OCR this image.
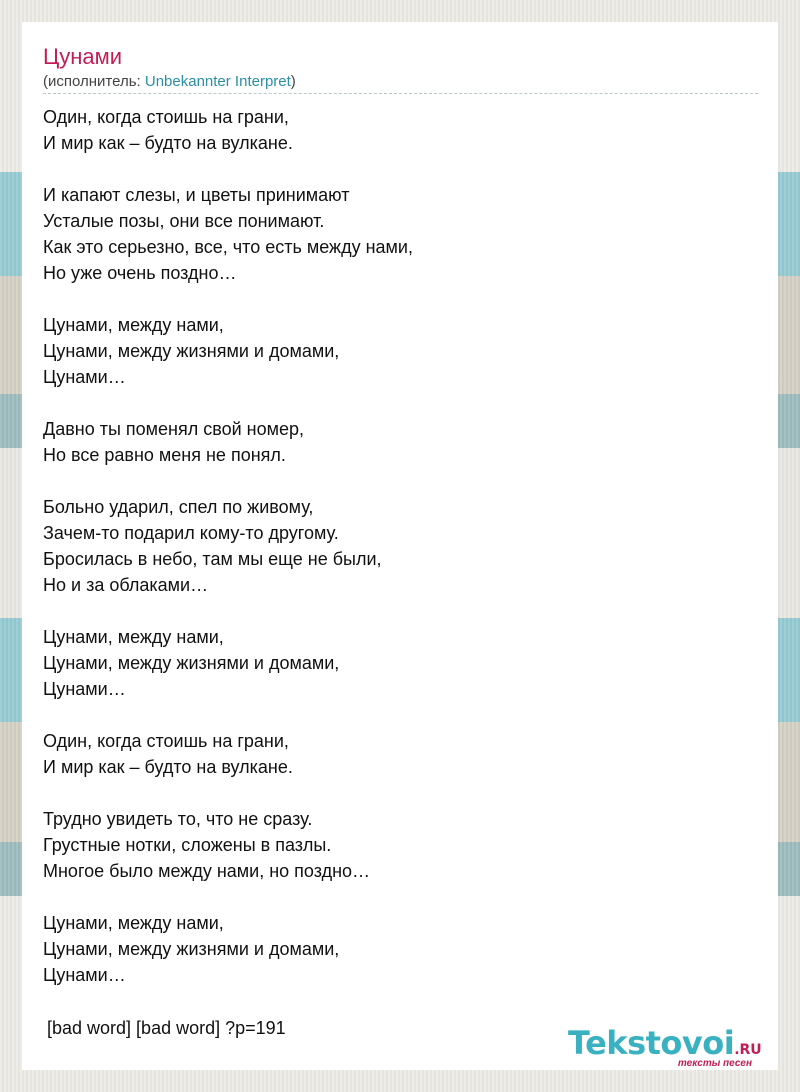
Цунами
(исполнитель: Unbekannter Interpret)
Один, когда стоишь на грани,
И мир как – будто на вулкане.
И капают слезы, и цветы принимают
Усталые позы, они все понимают.
Как это серьезно, все, что есть между нами,
Но уже очень поздно…
Цунами, между нами,
Цунами, между жизнями и домами,
Цунами…
Давно ты поменял свой номер,
Но все равно меня не понял.
Больно ударил, спел по живому,
Зачем-то подарил кому-то другому.
Бросилась в небо, там мы еще не были,
Но и за облаками…
Цунами, между нами,
Цунами, между жизнями и домами,
Цунами…
Один, когда стоишь на грани,
И мир как – будто на вулкане.
Трудно увидеть то, что не сразу.
Грустные нотки, сложены в пазлы.
Многое было между нами, но поздно…
Цунами, между нами,
Цунами, между жизнями и домами,
Цунами…
[bad word] [bad word] ?p=191	Tekstovoi.RU
тексты песен
